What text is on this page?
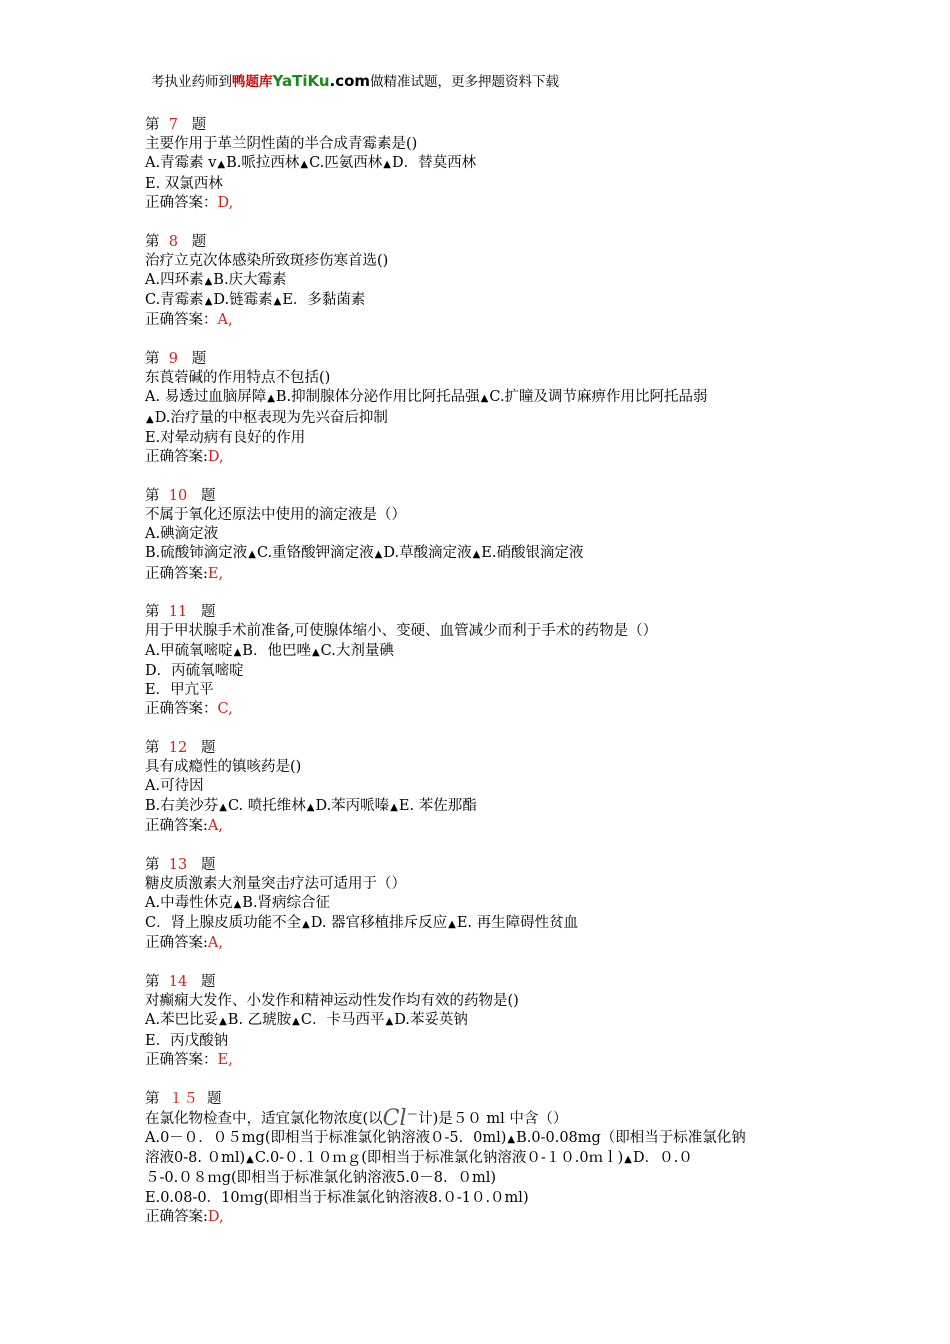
考执业药师到鸭题库YaTiKu.com做精准试题，更多押题资料下载
第 7 题
主要作用于革兰阴性菌的半合成青霉素是()
A.青霉素 v▲B.哌拉西林▲C.匹氨西林▲D．替莫西林
E. 双氯西林
正确答案：D,
第 8 题
治疗立克次体感染所致斑疹伤寒首选()
A.四环素▲B.庆大霉素
C.青霉素▲D.链霉素▲E．多黏菌素
正确答案：A,
第 9 题
东莨菪碱的作用特点不包括()
A. 易透过血脑屏障▲B.抑制腺体分泌作用比阿托品强▲C.扩瞳及调节麻痹作用比阿托品弱
▲D.治疗量的中枢表现为先兴奋后抑制
E.对晕动病有良好的作用
正确答案:D,
第 10 题
不属于氧化还原法中使用的滴定液是（）
A.碘滴定液
B.硫酸铈滴定液▲C.重铬酸钾滴定液▲D.草酸滴定液▲E.硝酸银滴定液
正确答案:E,
第 11 题
用于甲状腺手术前准备,可使腺体缩小、变硬、血管减少而利于手术的药物是（）
A.甲硫氧嘧啶▲B．他巴唑▲C.大剂量碘
D．丙硫氧嘧啶
E．甲亢平
正确答案：C,
第 12 题
具有成瘾性的镇咳药是()
A.可待因
B.右美沙芬▲C. 喷托维林▲D.苯丙哌嗪▲E. 苯佐那酯
正确答案:A,
第 13 题
糖皮质激素大剂量突击疗法可适用于（）
A.中毒性休克▲B.肾病综合征
C．肾上腺皮质功能不全▲D. 器官移植排斥反应▲E. 再生障碍性贫血
正确答案:A,
第 14 题
对癫痫大发作、小发作和精神运动性发作均有效的药物是()
A.苯巴比妥▲B. 乙琥胺▲C．卡马西平▲D.苯妥英钠
E．丙戊酸钠
正确答案：E,
第 １５ 题
在氯化物检查中，适宜氯化物浓度(以Cl⁻计)是５０ ml 中含（）
A.0－０．０５mg(即相当于标准氯化钠溶液０-5．0ml)▲B.0-0.08mg（即相当于标准氯化钠
溶液0-8. ０ml)▲C.0-０.１０ｍｇ(即相当于标准氯化钠溶液０-１０.0ｍｌ)▲D．０.０
５-0.０８ｍg(即相当于标准氯化钠溶液5.0－8．０ml)
E.0.08-0．10ｍg(即相当于标准氯化钠溶液8.０-1０.０ml)
正确答案:D,
